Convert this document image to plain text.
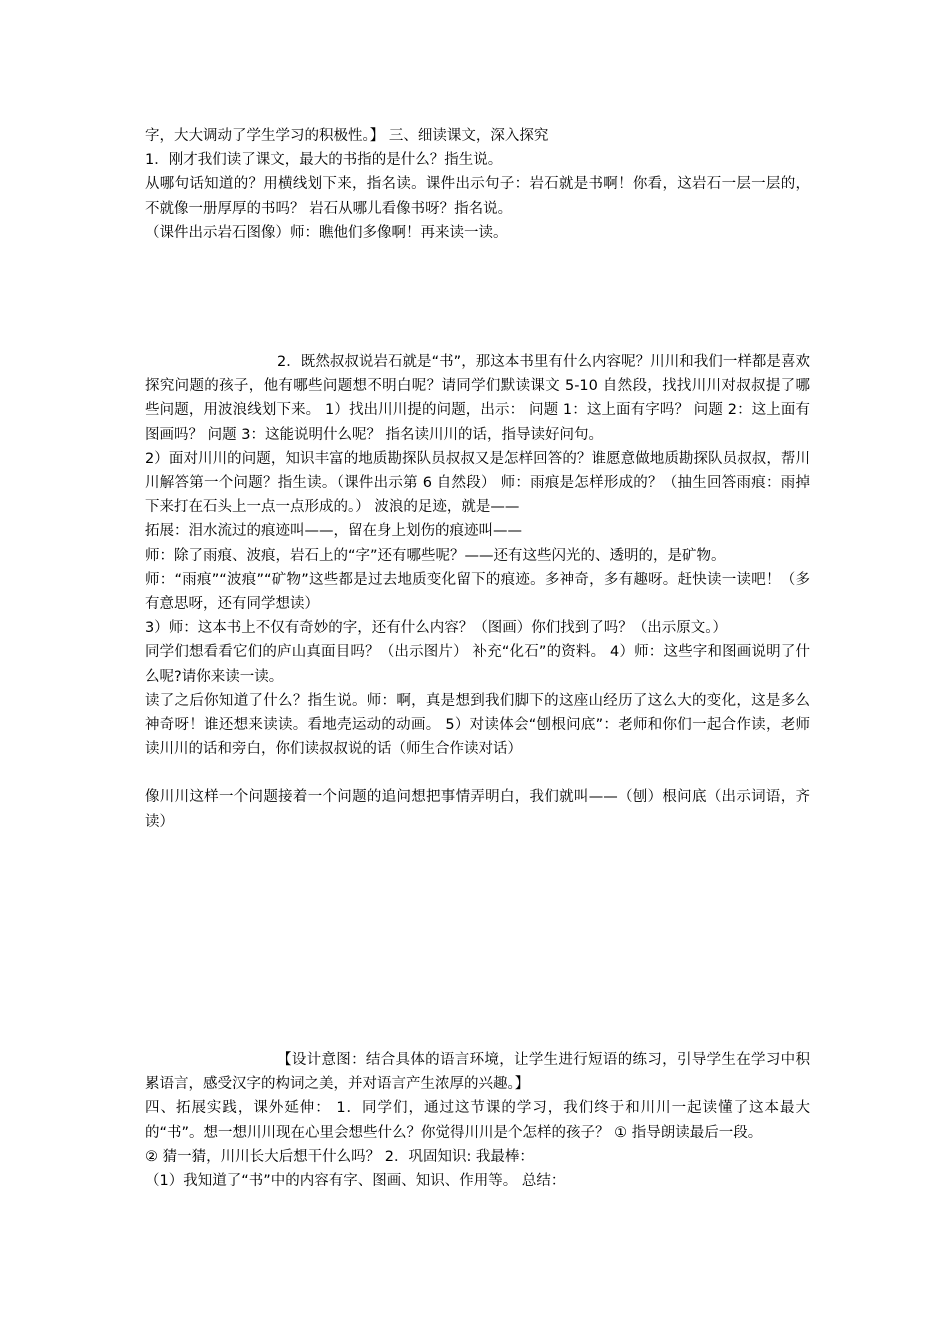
字，大大调动了学生学习的积极性。】 三、细读课文，深入探究

1．刚才我们读了课文，最大的书指的是什么？指生说。

从哪句话知道的？用横线划下来，指名读。课件出示句子：岩石就是书啊！你看，这岩石一层一层的，不就像一册厚厚的书吗？ 岩石从哪儿看像书呀？指名说。

（课件出示岩石图像）师：瞧他们多像啊！再来读一读。

2．既然叔叔说岩石就是“书”，那这本书里有什么内容呢？川川和我们一样都是喜欢探究问题的孩子，他有哪些问题想不明白呢？请同学们默读课文 5-10 自然段，找找川川对叔叔提了哪些问题，用波浪线划下来。 1）找出川川提的问题，出示： 问题 1：这上面有字吗？ 问题 2：这上面有图画吗？ 问题 3：这能说明什么呢？ 指名读川川的话，指导读好问句。

2）面对川川的问题，知识丰富的地质勘探队员叔叔又是怎样回答的？谁愿意做地质勘探队员叔叔，帮川川解答第一个问题？指生读。（课件出示第 6 自然段） 师：雨痕是怎样形成的？（抽生回答雨痕：雨掉下来打在石头上一点一点形成的。） 波浪的足迹，就是——

拓展：泪水流过的痕迹叫——，留在身上划伤的痕迹叫——

师：除了雨痕、波痕，岩石上的“字”还有哪些呢？——还有这些闪光的、透明的，是矿物。

师：“雨痕”“波痕”“矿物”这些都是过去地质变化留下的痕迹。多神奇，多有趣呀。赶快读一读吧！（多有意思呀，还有同学想读）

3）师：这本书上不仅有奇妙的字，还有什么内容？（图画）你们找到了吗？（出示原文。）

同学们想看看它们的庐山真面目吗？（出示图片） 补充“化石”的资料。 4）师：这些字和图画说明了什么呢?请你来读一读。

读了之后你知道了什么？指生说。师：啊，真是想到我们脚下的这座山经历了这么大的变化，这是多么神奇呀！谁还想来读读。看地壳运动的动画。 5）对读体会“刨根问底”：老师和你们一起合作读，老师读川川的话和旁白，你们读叔叔说的话（师生合作读对话）

像川川这样一个问题接着一个问题的追问想把事情弄明白，我们就叫——（刨）根问底（出示词语，齐读）

【设计意图：结合具体的语言环境，让学生进行短语的练习，引导学生在学习中积累语言，感受汉字的构词之美，并对语言产生浓厚的兴趣。】

四、拓展实践，课外延伸： 1．同学们，通过这节课的学习，我们终于和川川一起读懂了这本最大的“书”。想一想川川现在心里会想些什么？你觉得川川是个怎样的孩子？ ① 指导朗读最后一段。

② 猜一猜，川川长大后想干什么吗？ 2．巩固知识: 我最棒：

（1）我知道了“书”中的内容有字、图画、知识、作用等。 总结：
